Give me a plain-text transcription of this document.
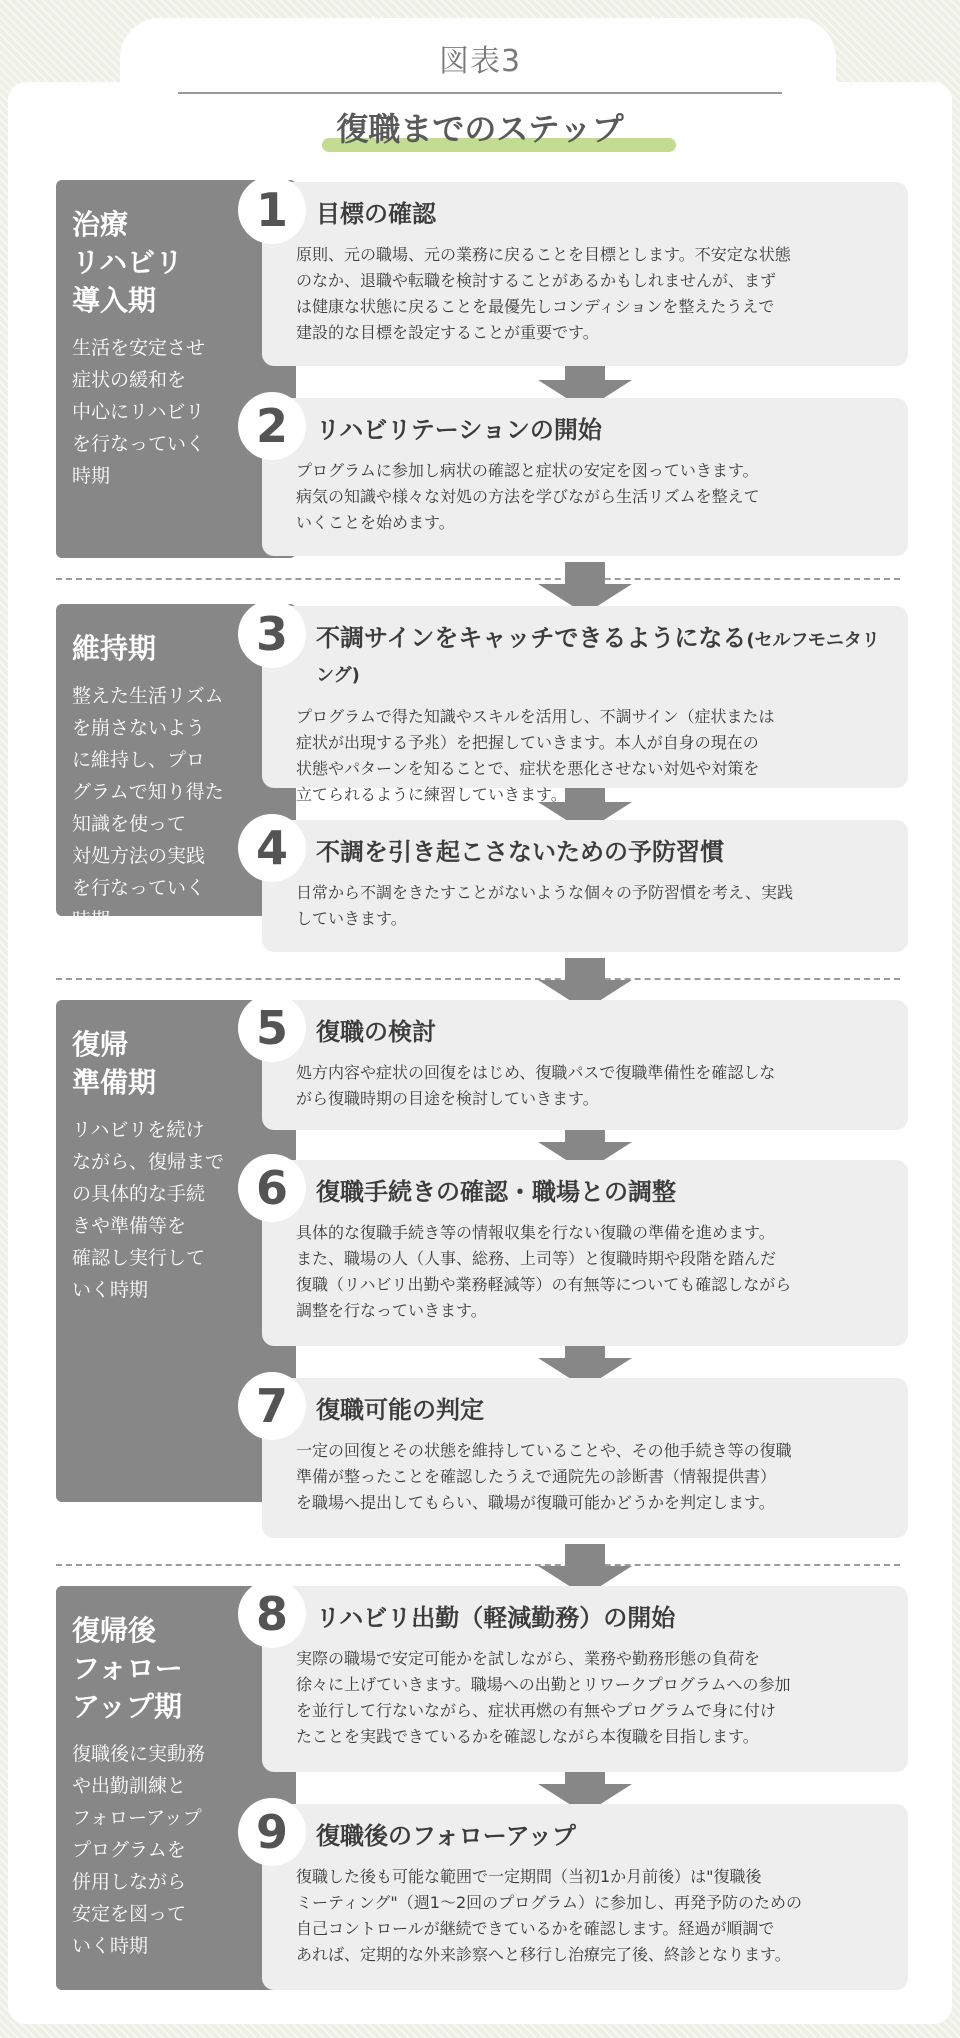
図表3
復職までのステップ
治療
リハビリ
導入期
生活を安定させ
症状の緩和を
中心にリハビリ
を行なっていく
時期
維持期
整えた生活リズム
を崩さないよう
に維持し、プロ
グラムで知り得た
知識を使って
対処方法の実践
を行なっていく
時期
復帰
準備期
リハビリを続け
ながら、復帰まで
の具体的な手続
きや準備等を
確認し実行して
いく時期
復帰後
フォロー
アップ期
復職後に実動務
や出勤訓練と
フォローアップ
プログラムを
併用しながら
安定を図って
いく時期
1	目標の確認
原則、元の職場、元の業務に戻ることを目標とします。不安定な状態
のなか、退職や転職を検討することがあるかもしれませんが、まず
は健康な状態に戻ることを最優先しコンディションを整えたうえで
建設的な目標を設定することが重要です。
2	リハビリテーションの開始
プログラムに参加し病状の確認と症状の安定を図っていきます。
病気の知識や様々な対処の方法を学びながら生活リズムを整えて
いくことを始めます。
3	不調サインをキャッチできるようになる(セルフモニタリング)
プログラムで得た知識やスキルを活用し、不調サイン（症状または
症状が出現する予兆）を把握していきます。本人が自身の現在の
状態やパターンを知ることで、症状を悪化させない対処や対策を
立てられるように練習していきます。
4	不調を引き起こさないための予防習慣
日常から不調をきたすことがないような個々の予防習慣を考え、実践
していきます。
5	復職の検討
処方内容や症状の回復をはじめ、復職パスで復職準備性を確認しな
がら復職時期の目途を検討していきます。
6	復職手続きの確認・職場との調整
具体的な復職手続き等の情報収集を行ない復職の準備を進めます。
また、職場の人（人事、総務、上司等）と復職時期や段階を踏んだ
復職（リハビリ出勤や業務軽減等）の有無等についても確認しながら
調整を行なっていきます。
7	復職可能の判定
一定の回復とその状態を維持していることや、その他手続き等の復職
準備が整ったことを確認したうえで通院先の診断書（情報提供書）
を職場へ提出してもらい、職場が復職可能かどうかを判定します。
8	リハビリ出勤（軽減勤務）の開始
実際の職場で安定可能かを試しながら、業務や勤務形態の負荷を
徐々に上げていきます。職場への出勤とリワークプログラムへの参加
を並行して行ないながら、症状再燃の有無やプログラムで身に付け
たことを実践できているかを確認しながら本復職を目指します。
9	復職後のフォローアップ
復職した後も可能な範囲で一定期間（当初1か月前後）は"復職後
ミーティング"（週1～2回のプログラム）に参加し、再発予防のための
自己コントロールが継続できているかを確認します。経過が順調で
あれば、定期的な外来診察へと移行し治療完了後、終診となります。
